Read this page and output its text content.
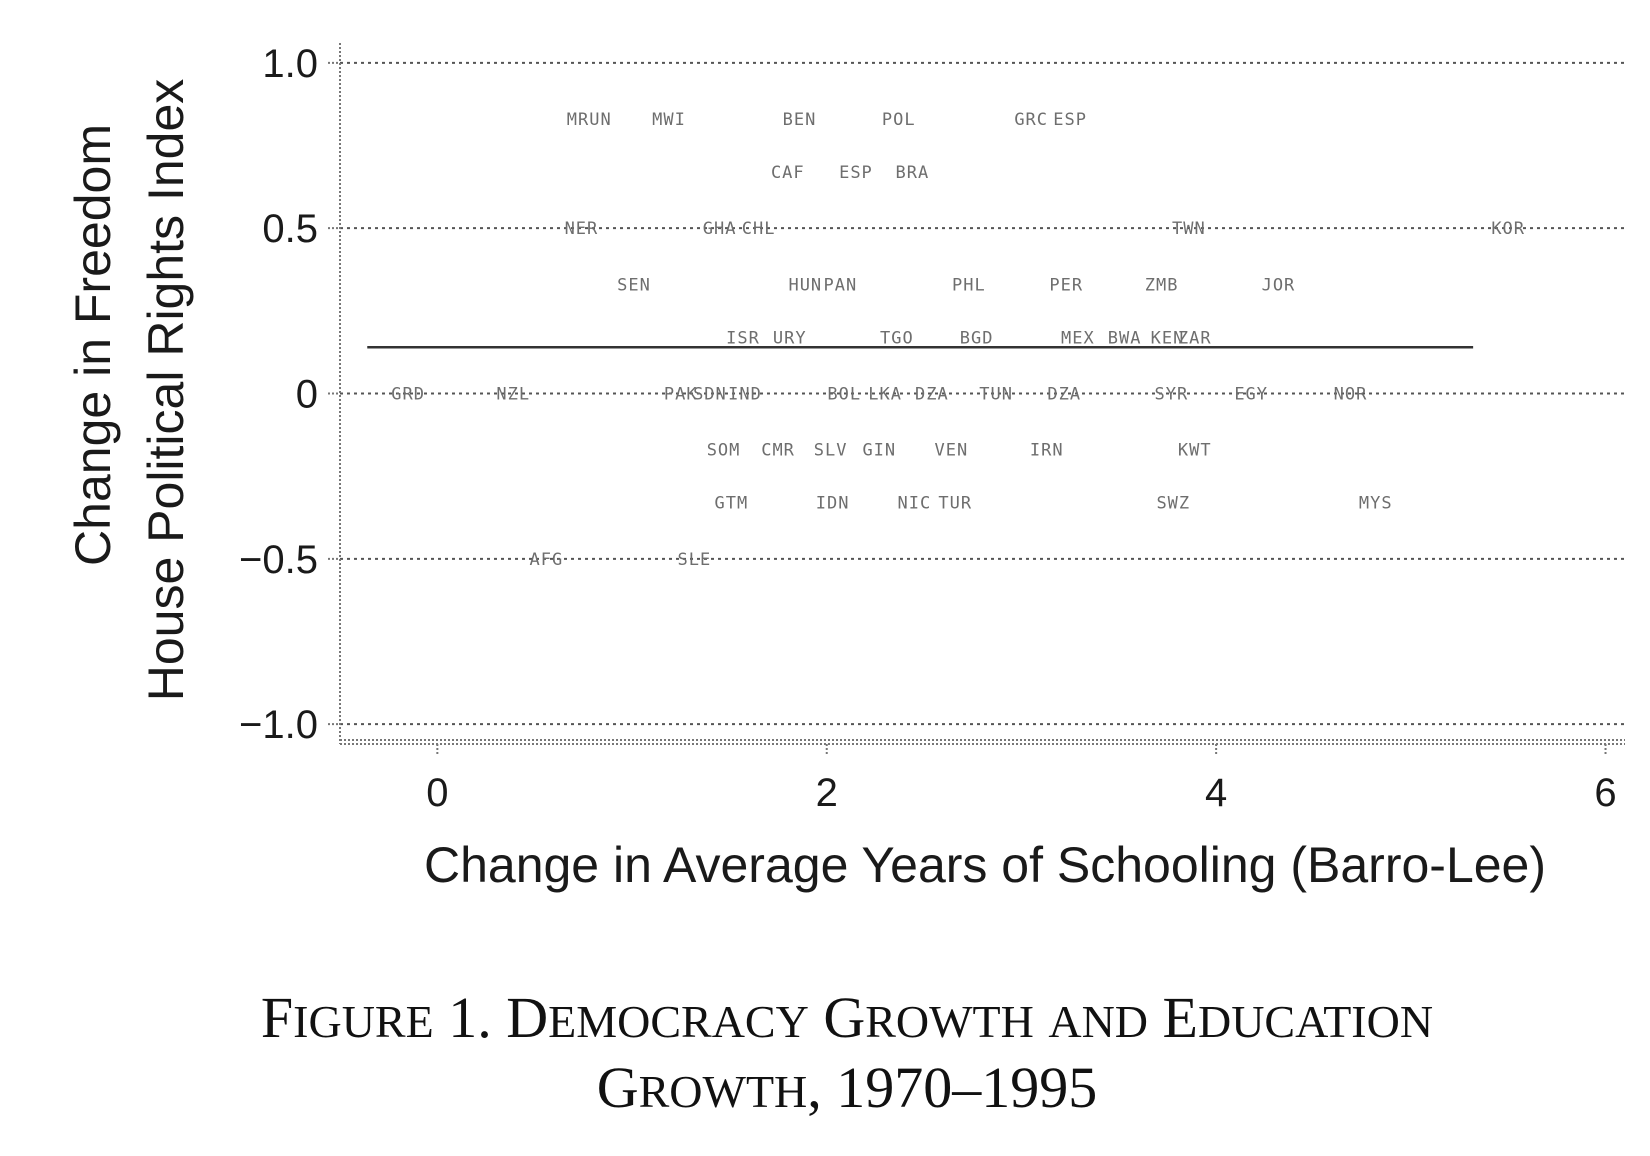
MRUN MWI	BEN	POL	GRC ESP
CAF ESP BRA
NER	GHA CHL	TWN	KOR
SEN	HUN PAN	PHL	PER	ZMB	JOR
ISR URY	TGO	BGD	MEX BWA KEN
ZAR
GRD	NZL	PAK
SDN IND	BOL LKA DZA TUN DZA	SYR	EGY	NOR
SOM CMR SLV GIN VEN	IRN	KWT
GTM	IDN	NIC TUR	SWZ	MYS
AFG	SLE
0	2	4	6
1.0
0.5
0
−0.5
−1.0
Change in Average Years of Schooling (Barro-Lee)
Change in Freedom House Political Rights Index
FIGURE 1. DEMOCRACY GROWTH AND EDUCATION
GROWTH, 1970–1995
